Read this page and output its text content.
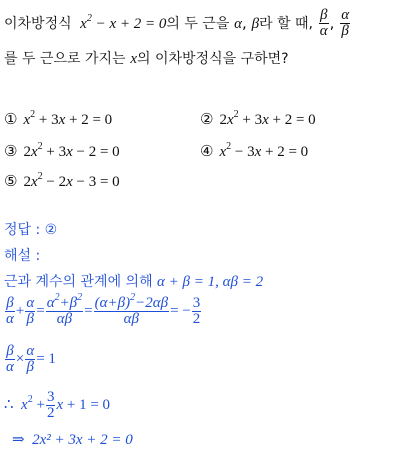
이차방정식  $x^2 - x + 2 = 0$의 두 근을 α, β라 할 때, $\frac{\beta}{\alpha}$ , $\frac{\alpha}{\beta}$
를 두 근으로 가지는 x의 이차방정식을 구하면?
① $x^2 + 3x + 2 = 0$	② $2x^2 + 3x + 2 = 0$
③ $2x^2 + 3x - 2 = 0$	④ $x^2 - 3x + 2 = 0$
⑤ $2x^2 - 2x - 3 = 0$
정답 : ②
해설 :
근과 계수의 관계에 의해 α + β = 1, αβ = 2
$\frac{\beta}{\alpha} + \frac{\alpha}{\beta} = \frac{\alpha^2+\beta^2}{\alpha\beta} = \frac{(\alpha+\beta)^2-2\alpha\beta}{\alpha\beta}$ = − $\frac{3}{2}$
$\frac{\beta}{\alpha} \times \frac{\alpha}{\beta} = 1$
∴ $x^2 + \frac{3}{2}$ x + 1 = 0
⇒ 2x² + 3x + 2 = 0
